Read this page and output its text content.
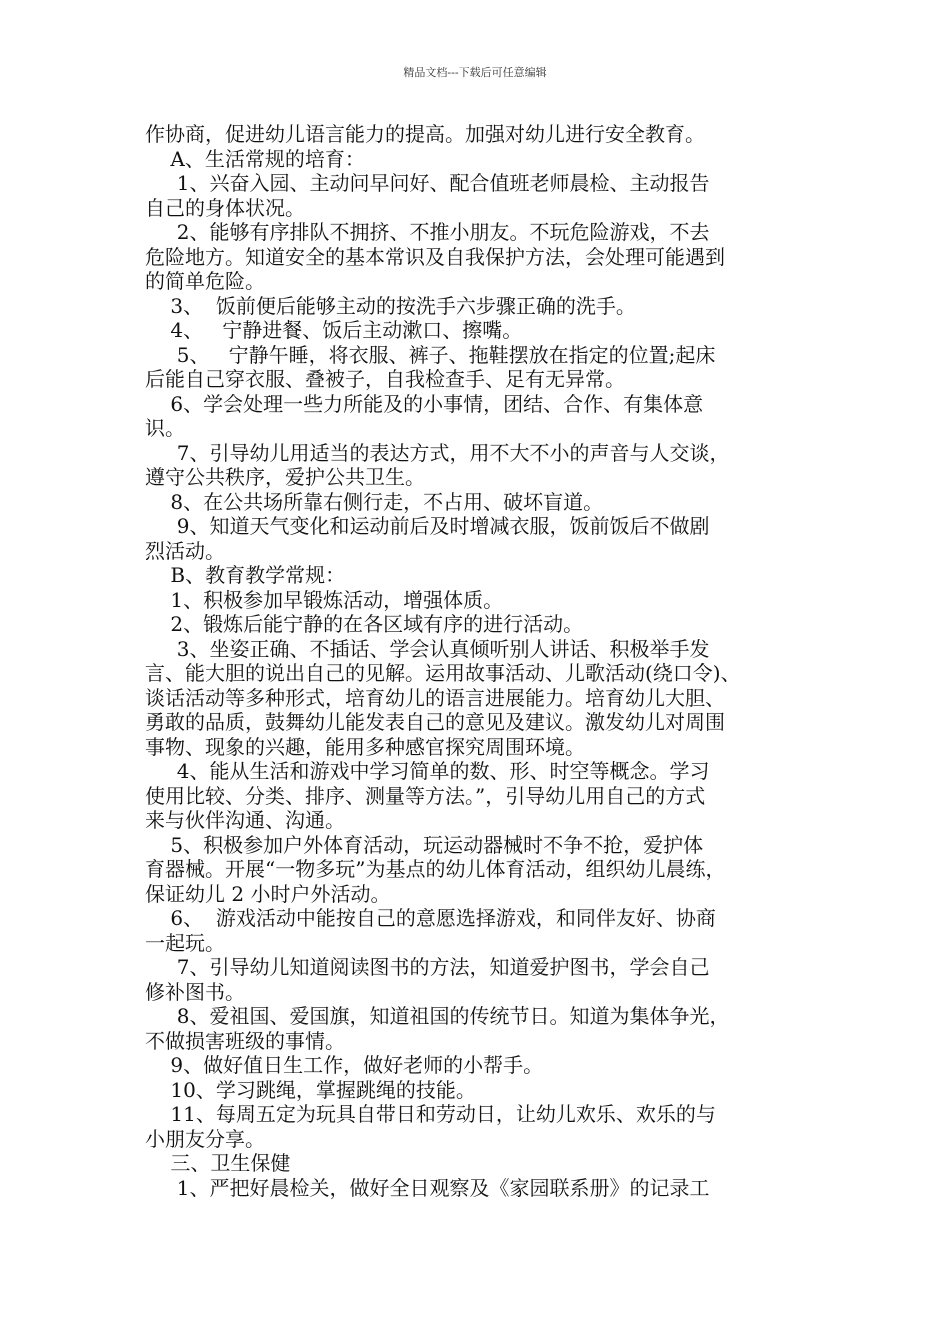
精品文档---下载后可任意编辑
作协商，促进幼儿语言能力的提高。加强对幼儿进行安全教育。
A、生活常规的培育：
1、兴奋入园、主动问早问好、配合值班老师晨检、主动报告
自己的身体状况。
2、能够有序排队不拥挤、不推小朋友。不玩危险游戏，不去
危险地方。知道安全的基本常识及自我保护方法，会处理可能遇到
的简单危险。
3、  饭前便后能够主动的按洗手六步骤正确的洗手。
4、   宁静进餐、饭后主动漱口、擦嘴。
5、   宁静午睡，将衣服、裤子、拖鞋摆放在指定的位置;起床
后能自己穿衣服、叠被子，自我检查手、足有无异常。
6、学会处理一些力所能及的小事情，团结、合作、有集体意
识。
7、引导幼儿用适当的表达方式，用不大不小的声音与人交谈，
遵守公共秩序，爱护公共卫生。
8、在公共场所靠右侧行走，不占用、破坏盲道。
9、知道天气变化和运动前后及时增减衣服，饭前饭后不做剧
烈活动。
B、教育教学常规：
1、积极参加早锻炼活动，增强体质。
2、锻炼后能宁静的在各区域有序的进行活动。
3、坐姿正确、不插话、学会认真倾听别人讲话、积极举手发
言、能大胆的说出自己的见解。运用故事活动、儿歌活动(绕口令)、
谈话活动等多种形式，培育幼儿的语言进展能力。培育幼儿大胆、
勇敢的品质，鼓舞幼儿能发表自己的意见及建议。激发幼儿对周围
事物、现象的兴趣，能用多种感官探究周围环境。
4、能从生活和游戏中学习简单的数、形、时空等概念。学习
使用比较、分类、排序、测量等方法。”，引导幼儿用自己的方式
来与伙伴沟通、沟通。
5、积极参加户外体育活动，玩运动器械时不争不抢，爱护体
育器械。开展“一物多玩”为基点的幼儿体育活动，组织幼儿晨练，
保证幼儿 2 小时户外活动。
6、  游戏活动中能按自己的意愿选择游戏，和同伴友好、协商
一起玩。
7、引导幼儿知道阅读图书的方法，知道爱护图书，学会自己
修补图书。
8、爱祖国、爱国旗，知道祖国的传统节日。知道为集体争光，
不做损害班级的事情。
9、做好值日生工作，做好老师的小帮手。
10、学习跳绳，掌握跳绳的技能。
11、每周五定为玩具自带日和劳动日，让幼儿欢乐、欢乐的与
小朋友分享。
三、卫生保健
1、严把好晨检关，做好全日观察及《家园联系册》的记录工
